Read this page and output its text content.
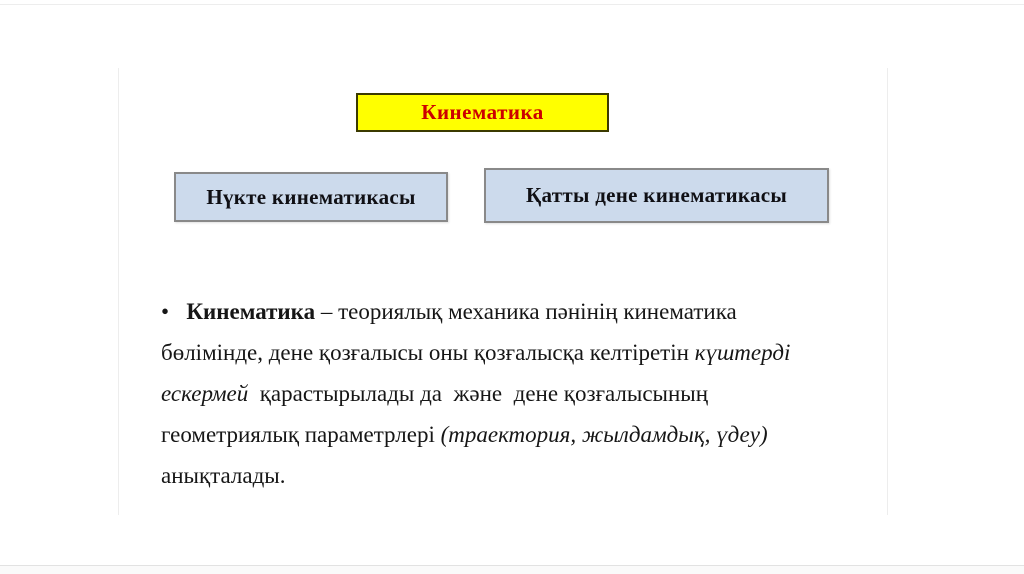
Кинематика
Нүкте кинематикасы	Қатты дене кинематикасы
•   Кинематика – теориялық механика пәнінің кинематика
бөлімінде, дене қозғалысы оны қозғалысқа келтіретін күштерді
ескермей  қарастырылады да  және  дене қозғалысының
геометриялық параметрлері (траектория, жылдамдық, үдеу)
анықталады.
